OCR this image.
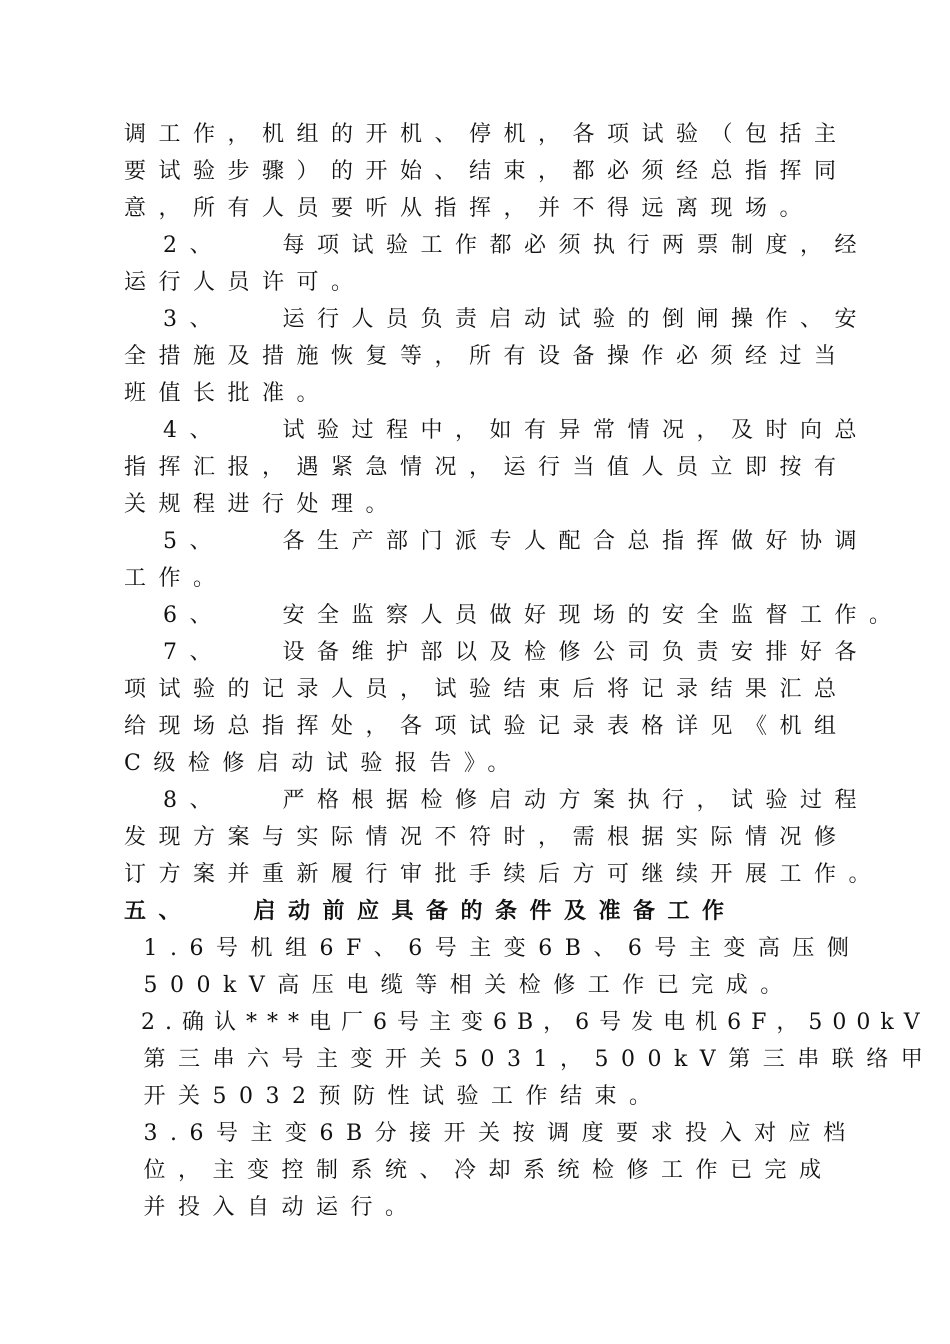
调工作，机组的开机、停机，各项试验（包括主
要试验步骤）的开始、结束，都必须经总指挥同
意，所有人员要听从指挥，并不得远离现场。
2、   每项试验工作都必须执行两票制度，经
运行人员许可。
3、   运行人员负责启动试验的倒闸操作、安
全措施及措施恢复等，所有设备操作必须经过当
班值长批准。
4、   试验过程中，如有异常情况，及时向总
指挥汇报，遇紧急情况，运行当值人员立即按有
关规程进行处理。
5、   各生产部门派专人配合总指挥做好协调
工作。
6、   安全监察人员做好现场的安全监督工作。
7、   设备维护部以及检修公司负责安排好各
项试验的记录人员，试验结束后将记录结果汇总
给现场总指挥处，各项试验记录表格详见《机组
C级检修启动试验报告》。
8、   严格根据检修启动方案执行，试验过程
发现方案与实际情况不符时，需根据实际情况修
订方案并重新履行审批手续后方可继续开展工作。
五、   启动前应具备的条件及准备工作
1.6号机组6F、6号主变6B、6号主变高压侧
500kV高压电缆等相关检修工作已完成。
2.确认***电厂6号主变6B，6号发电机6F，500kV
第三串六号主变开关5031，500kV第三串联络甲
开关5032预防性试验工作结束。
3.6号主变6B分接开关按调度要求投入对应档
位，主变控制系统、冷却系统检修工作已完成
并投入自动运行。
